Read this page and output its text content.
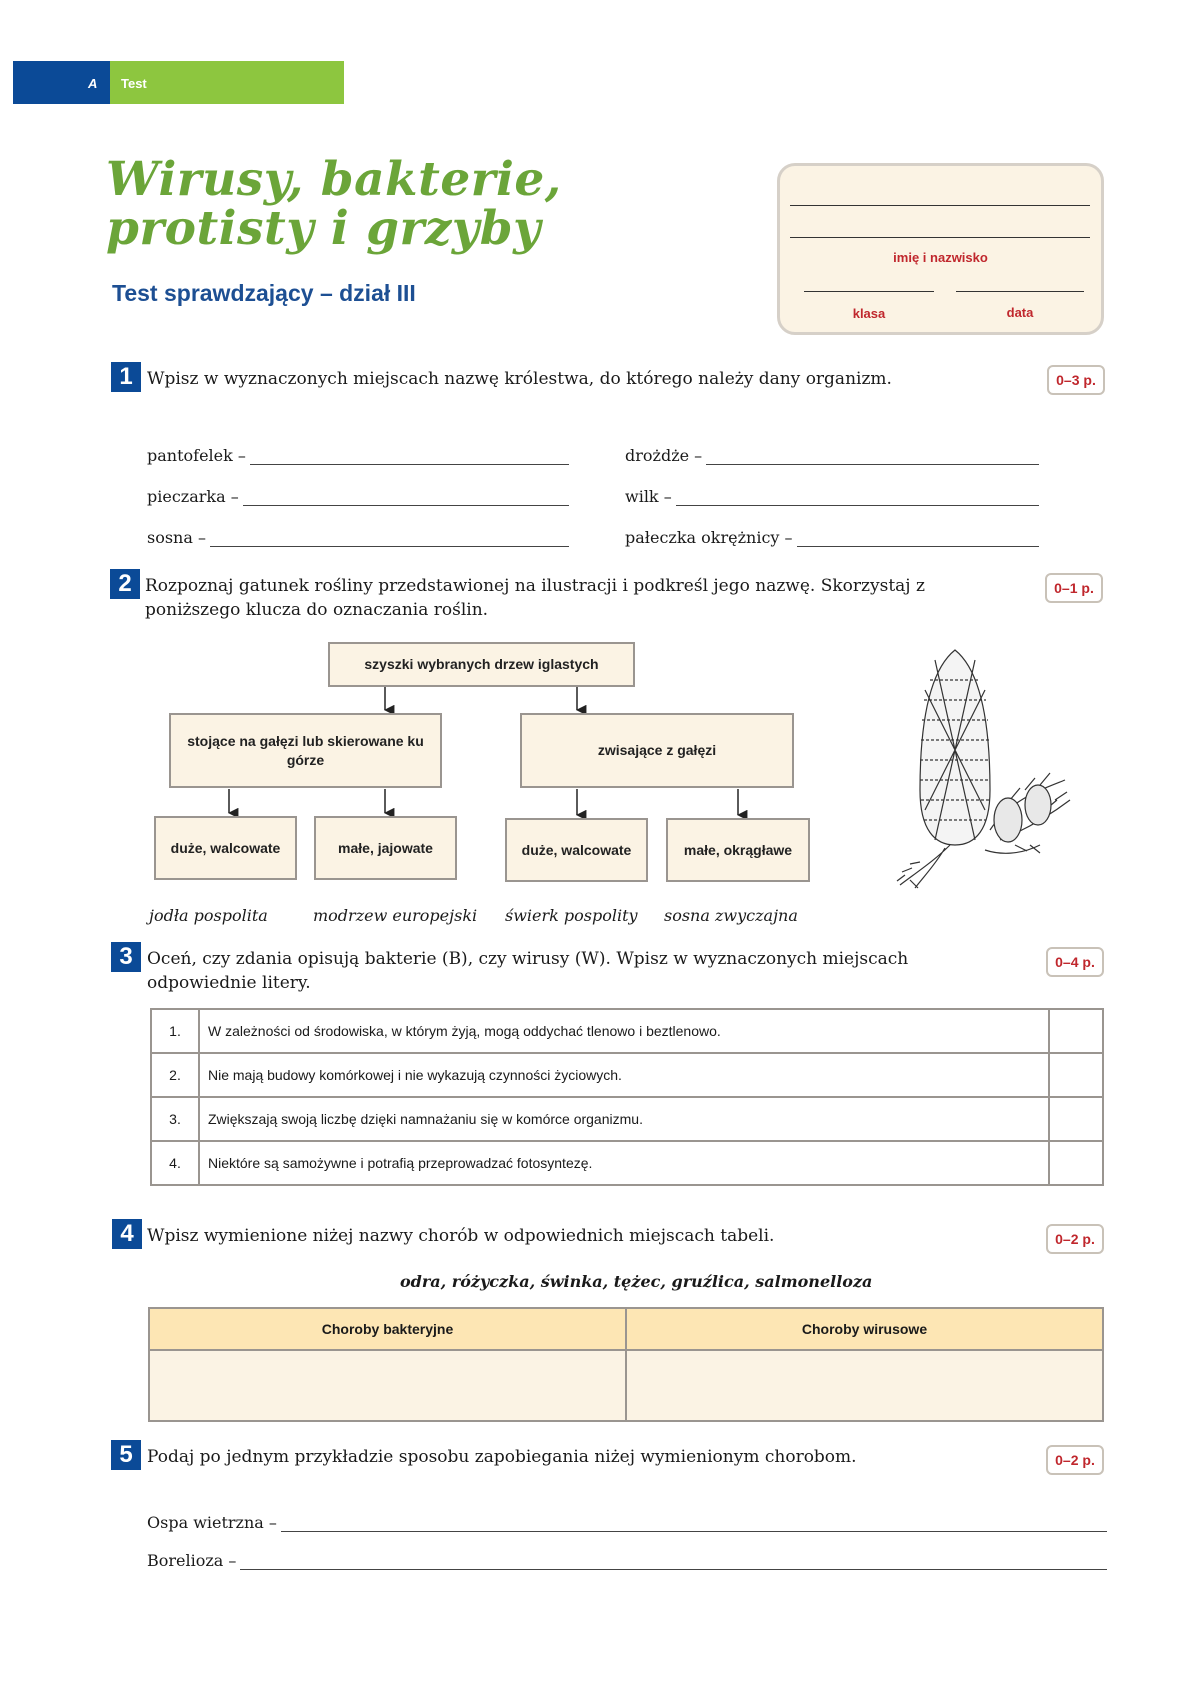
A Test
Wirusy, bakterie,
protisty i grzyby
Test sprawdzający – dział III
imię i nazwisko
klasa	data
1 Wpisz w wyznaczonych miejscach nazwę królestwa, do którego należy dany organizm.	0–3 p.
pantofelek –
pieczarka –
sosna –
drożdże –
wilk –
pałeczka okrężnicy –
2 Rozpoznaj gatunek rośliny przedstawionej na ilustracji i podkreśl jego nazwę. Skorzystaj z poniższego klucza do oznaczania roślin.
0–1 p.
szyszki wybranych drzew iglastych
stojące na gałęzi lub skierowane ku górze
zwisające z gałęzi
duże, walcowate	małe, jajowate	duże, walcowate	małe, okrągławe
jodła pospolita	modrzew europejski świerk pospolity sosna zwyczajna
3 Oceń, czy zdania opisują bakterie (B), czy wirusy (W). Wpisz w wyznaczonych miejscach odpowiednie litery.
0–4 p.
1.	W zależności od środowiska, w którym żyją, mogą oddychać tlenowo i beztlenowo.	
2.	Nie mają budowy komórkowej i nie wykazują czynności życiowych.	
3.	Zwiększają swoją liczbę dzięki namnażaniu się w komórce organizmu.	
4.	Niektóre są samożywne i potrafią przeprowadzać fotosyntezę.	
4 Wpisz wymienione niżej nazwy chorób w odpowiednich miejscach tabeli.	0–2 p.
odra, różyczka, świnka, tężec, gruźlica, salmonelloza
Choroby bakteryjne	Choroby wirusowe

5 Podaj po jednym przykładzie sposobu zapobiegania niżej wymienionym chorobom.	0–2 p.
Ospa wietrzna –
Borelioza –
